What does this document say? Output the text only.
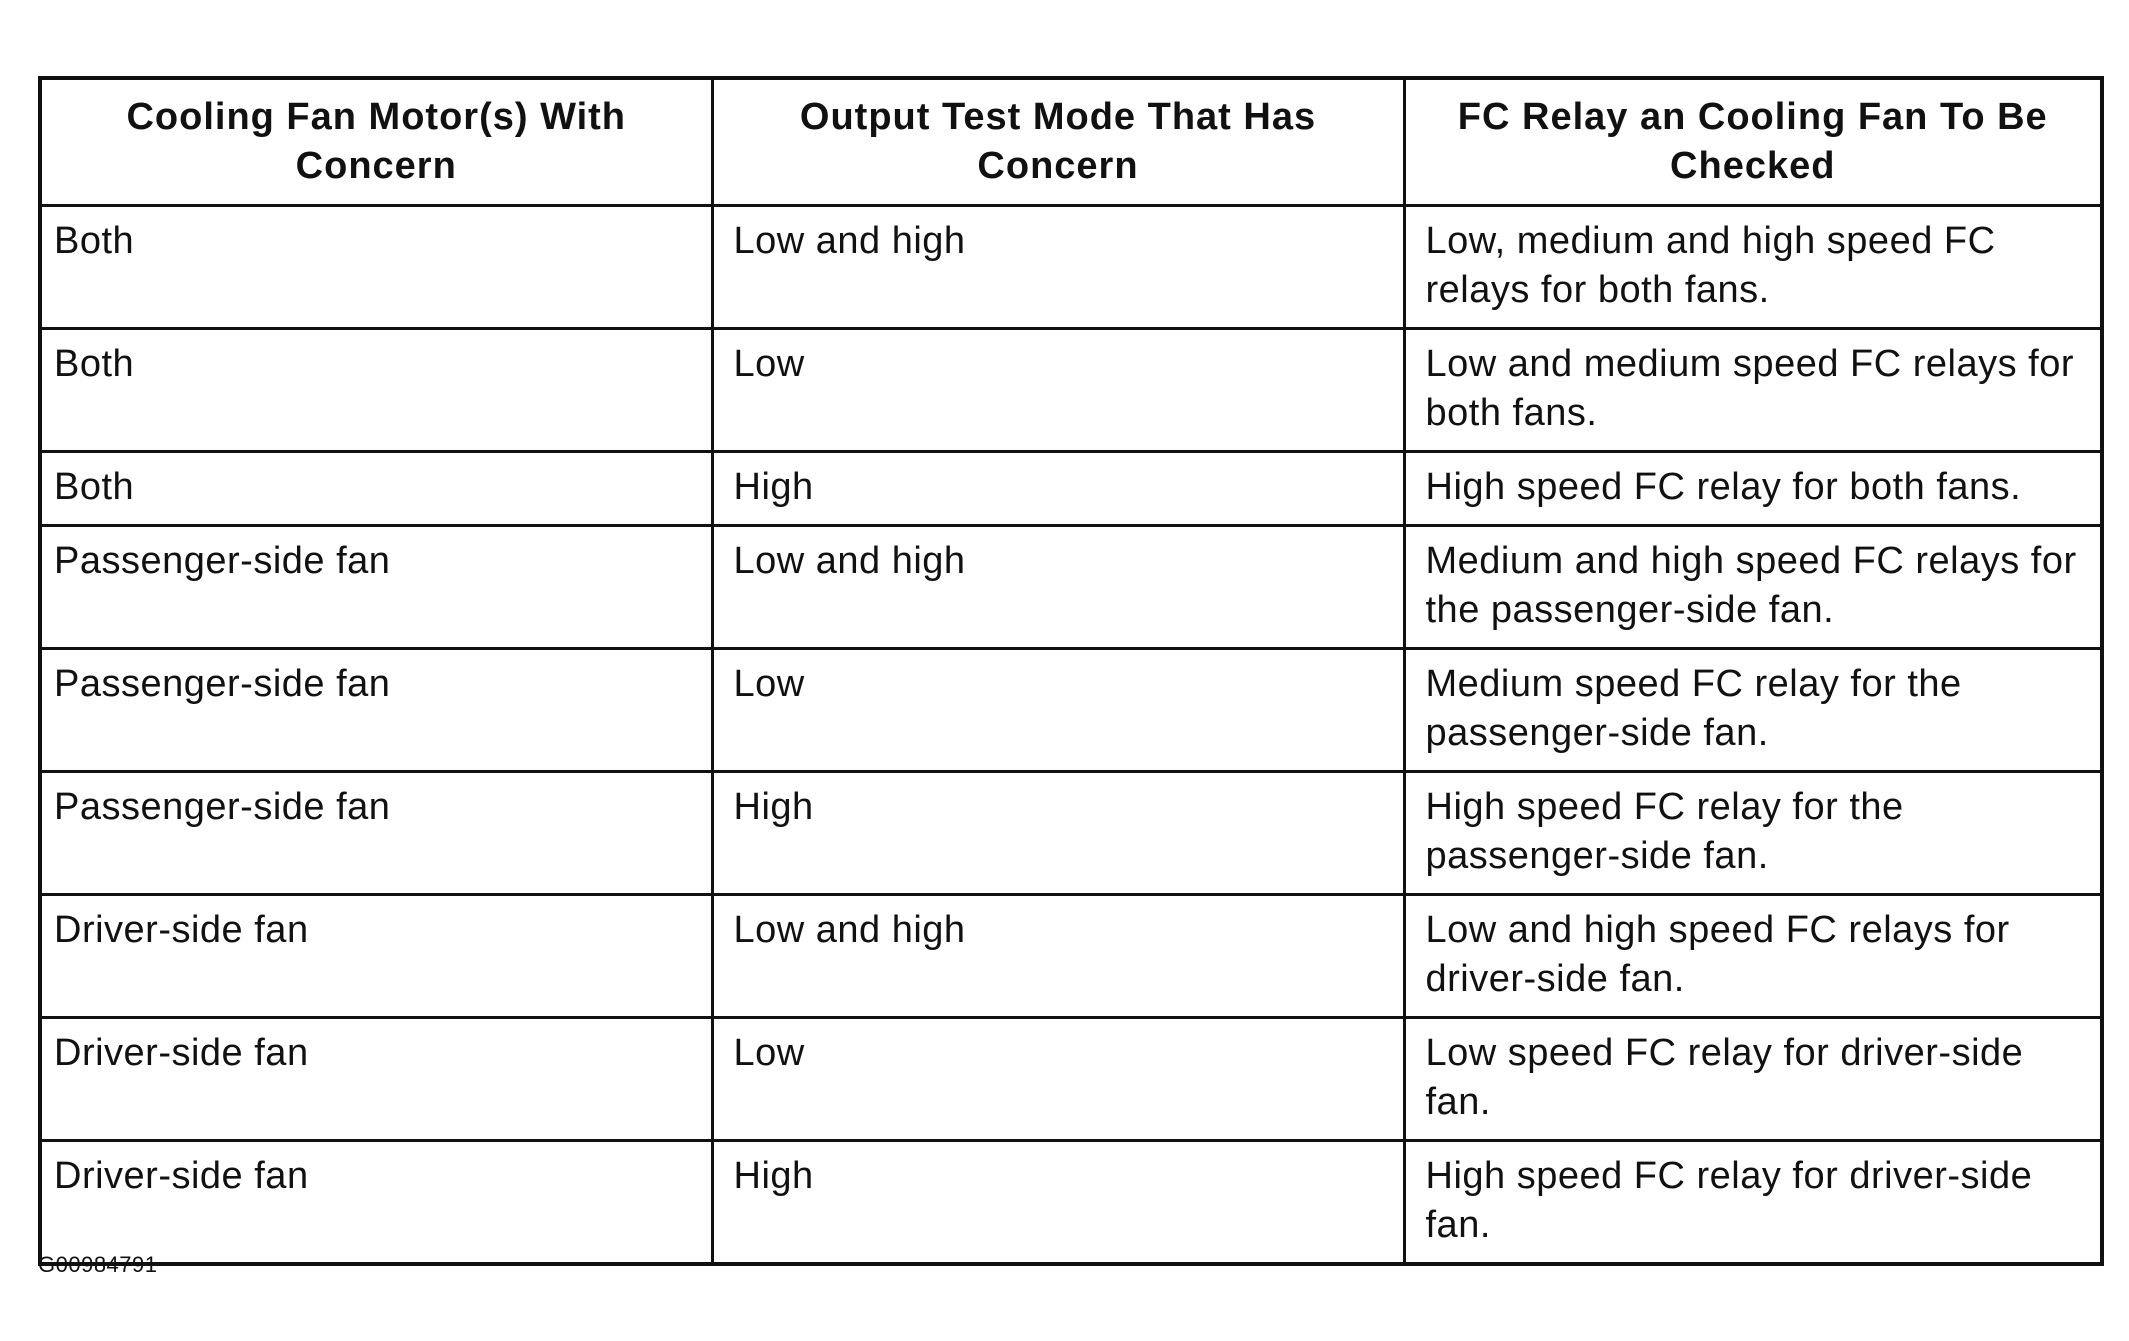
Cooling Fan Motor(s) With Concern	Output Test Mode That Has Concern	FC Relay an Cooling Fan To Be Checked
Both	Low and high	Low, medium and high speed FC relays for both fans.
Both	Low	Low and medium speed FC relays for both fans.
Both	High	High speed FC relay for both fans.
Passenger-side fan	Low and high	Medium and high speed FC relays for the passenger-side fan.
Passenger-side fan	Low	Medium speed FC relay for the passenger-side fan.
Passenger-side fan	High	High speed FC relay for the passenger-side fan.
Driver-side fan	Low and high	Low and high speed FC relays for driver-side fan.
Driver-side fan	Low	Low speed FC relay for driver-side fan.
Driver-side fan	High	High speed FC relay for driver-side fan.
G00984791
